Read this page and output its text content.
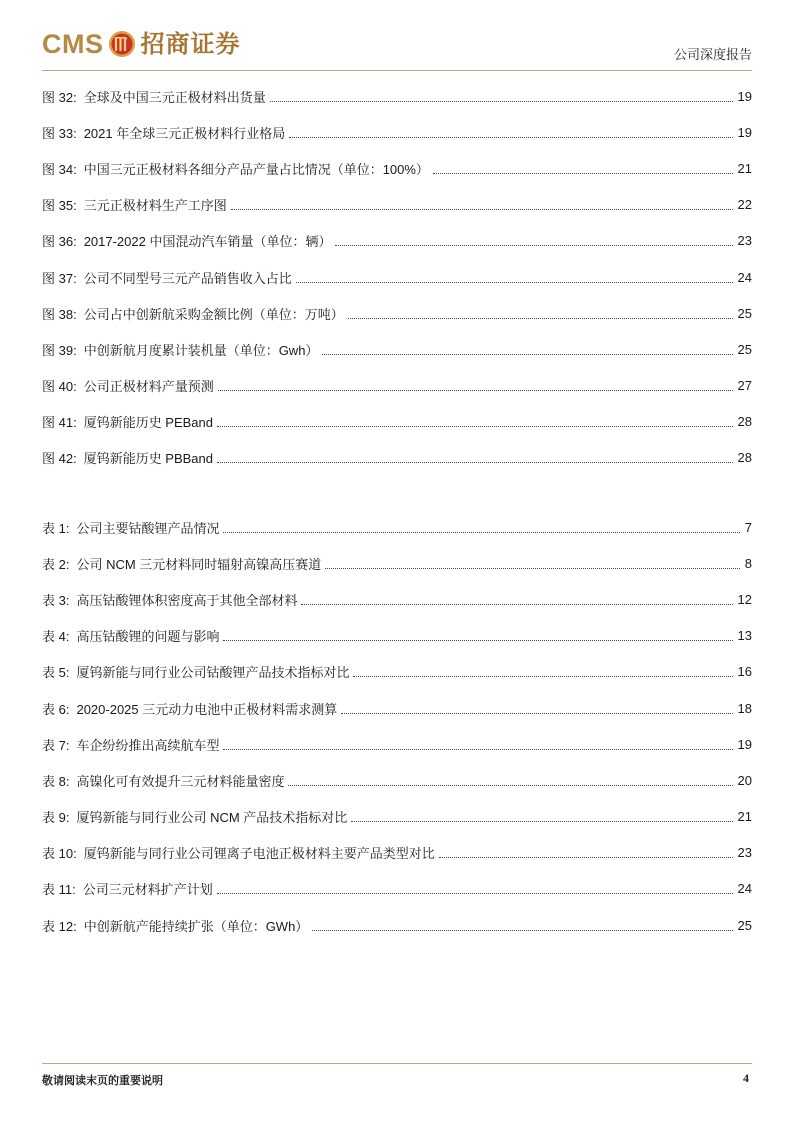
CMS 招商证券	公司深度报告
图 32: 全球及中国三元正极材料出货量	19
图 33: 2021 年全球三元正极材料行业格局	19
图 34: 中国三元正极材料各细分产品产量占比情况（单位：100%）	21
图 35: 三元正极材料生产工序图	22
图 36: 2017-2022 中国混动汽车销量（单位：辆）	23
图 37: 公司不同型号三元产品销售收入占比	24
图 38: 公司占中创新航采购金额比例（单位：万吨）	25
图 39: 中创新航月度累计装机量（单位：Gwh）	25
图 40: 公司正极材料产量预测	27
图 41: 厦钨新能历史 PEBand	28
图 42: 厦钨新能历史 PBBand	28
表 1: 公司主要钴酸锂产品情况	7
表 2: 公司 NCM 三元材料同时辐射高镍高压赛道	8
表 3: 高压钴酸锂体积密度高于其他全部材料	12
表 4: 高压钴酸锂的问题与影响	13
表 5: 厦钨新能与同行业公司钴酸锂产品技术指标对比	16
表 6: 2020-2025 三元动力电池中正极材料需求测算	18
表 7: 车企纷纷推出高续航车型	19
表 8: 高镍化可有效提升三元材料能量密度	20
表 9: 厦钨新能与同行业公司 NCM 产品技术指标对比	21
表 10: 厦钨新能与同行业公司锂离子电池正极材料主要产品类型对比	23
表 11: 公司三元材料扩产计划	24
表 12: 中创新航产能持续扩张（单位：GWh）	25
敬请阅读末页的重要说明	4
